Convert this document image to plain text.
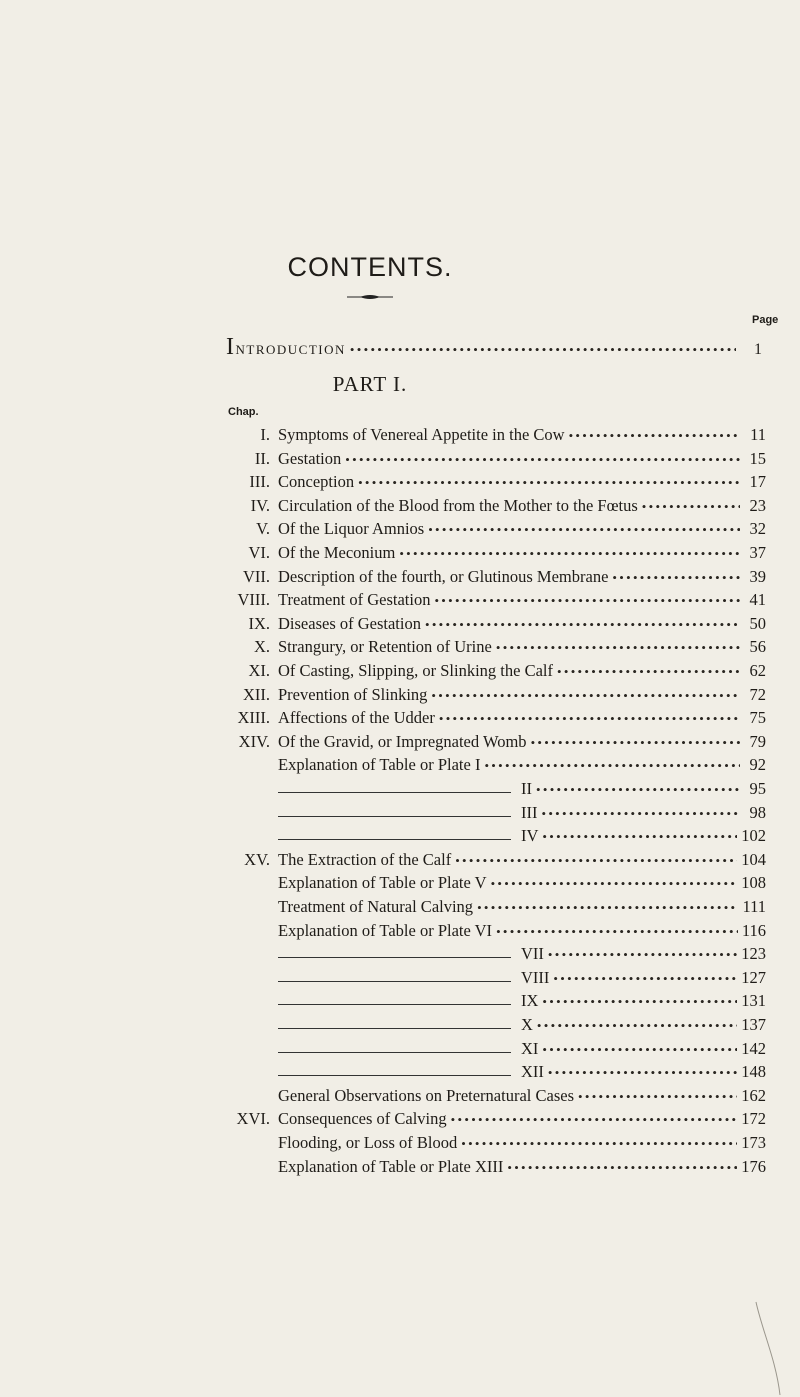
CONTENTS.
Page
Introduction •••••	1
PART I.
Chap.
I. Symptoms of Venereal Appetite in the Cow •••••	11
II. Gestation •••••	15
III. Conception •••••	17
IV. Circulation of the Blood from the Mother to the Fœtus •••••	23
V. Of the Liquor Amnios •••••	32
VI. Of the Meconium •••••	37
VII. Description of the fourth, or Glutinous Membrane •••••	39
VIII. Treatment of Gestation •••••	41
IX. Diseases of Gestation •••••	50
X. Strangury, or Retention of Urine •••••	56
XI. Of Casting, Slipping, or Slinking the Calf •••••	62
XII. Prevention of Slinking •••••	72
XIII. Affections of the Udder •••••	75
XIV. Of the Gravid, or Impregnated Womb •••••	79
Explanation of Table or Plate I •••••	92
II •••••	95
III •••••	98
IV •••••	102
XV. The Extraction of the Calf •••••	104
Explanation of Table or Plate V •••••	108
Treatment of Natural Calving •••••	111
Explanation of Table or Plate VI •••••	116
VII •••••	123
VIII •••••	127
IX •••••	131
X •••••	137
XI •••••	142
XII •••••	148
General Observations on Preternatural Cases •••••	162
XVI. Consequences of Calving •••••	172
Flooding, or Loss of Blood •••••	173
Explanation of Table or Plate XIII •••••	176
